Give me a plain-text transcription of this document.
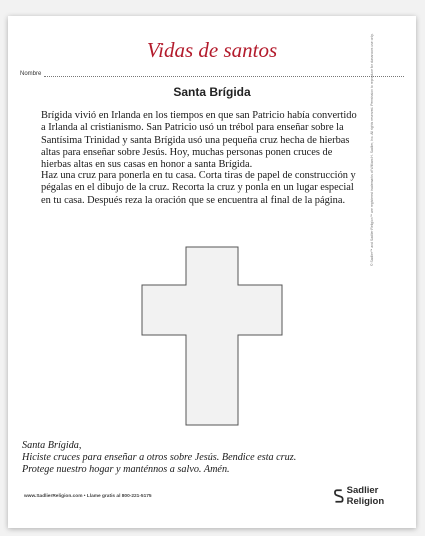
Vidas de santos
Nombre
Santa Brígida

Brígida vivió en Irlanda en los tiempos en que san Patricio había convertido a Irlanda al cristianismo. San Patricio usó un trébol para enseñar sobre la Santísima Trinidad y santa Brígida usó una pequeña cruz hecha de hierbas altas para enseñar sobre Jesús. Hoy, muchas personas ponen cruces de hierbas altas en sus casas en honor a santa Brígida.

Haz una cruz para ponerla en tu casa. Corta tiras de papel de construcción y pégalas en el dibujo de la cruz. Recorta la cruz y ponla en un lugar especial en tu casa. Después reza la oración que se encuentra al final de la página.

Santa Brígida,
Hiciste cruces para enseñar a otros sobre Jesús. Bendice esta cruz.
Protege nuestro hogar y manténnos a salvo. Amén.
© Sadlier™ and Sadlier Religion™ are registered trademarks of William H. Sadlier, Inc. All rights reserved. Permission to reproduce for classroom use only.
www.SadlierReligion.com • Llame gratis al 800-221-5175
Sadlier Religion
